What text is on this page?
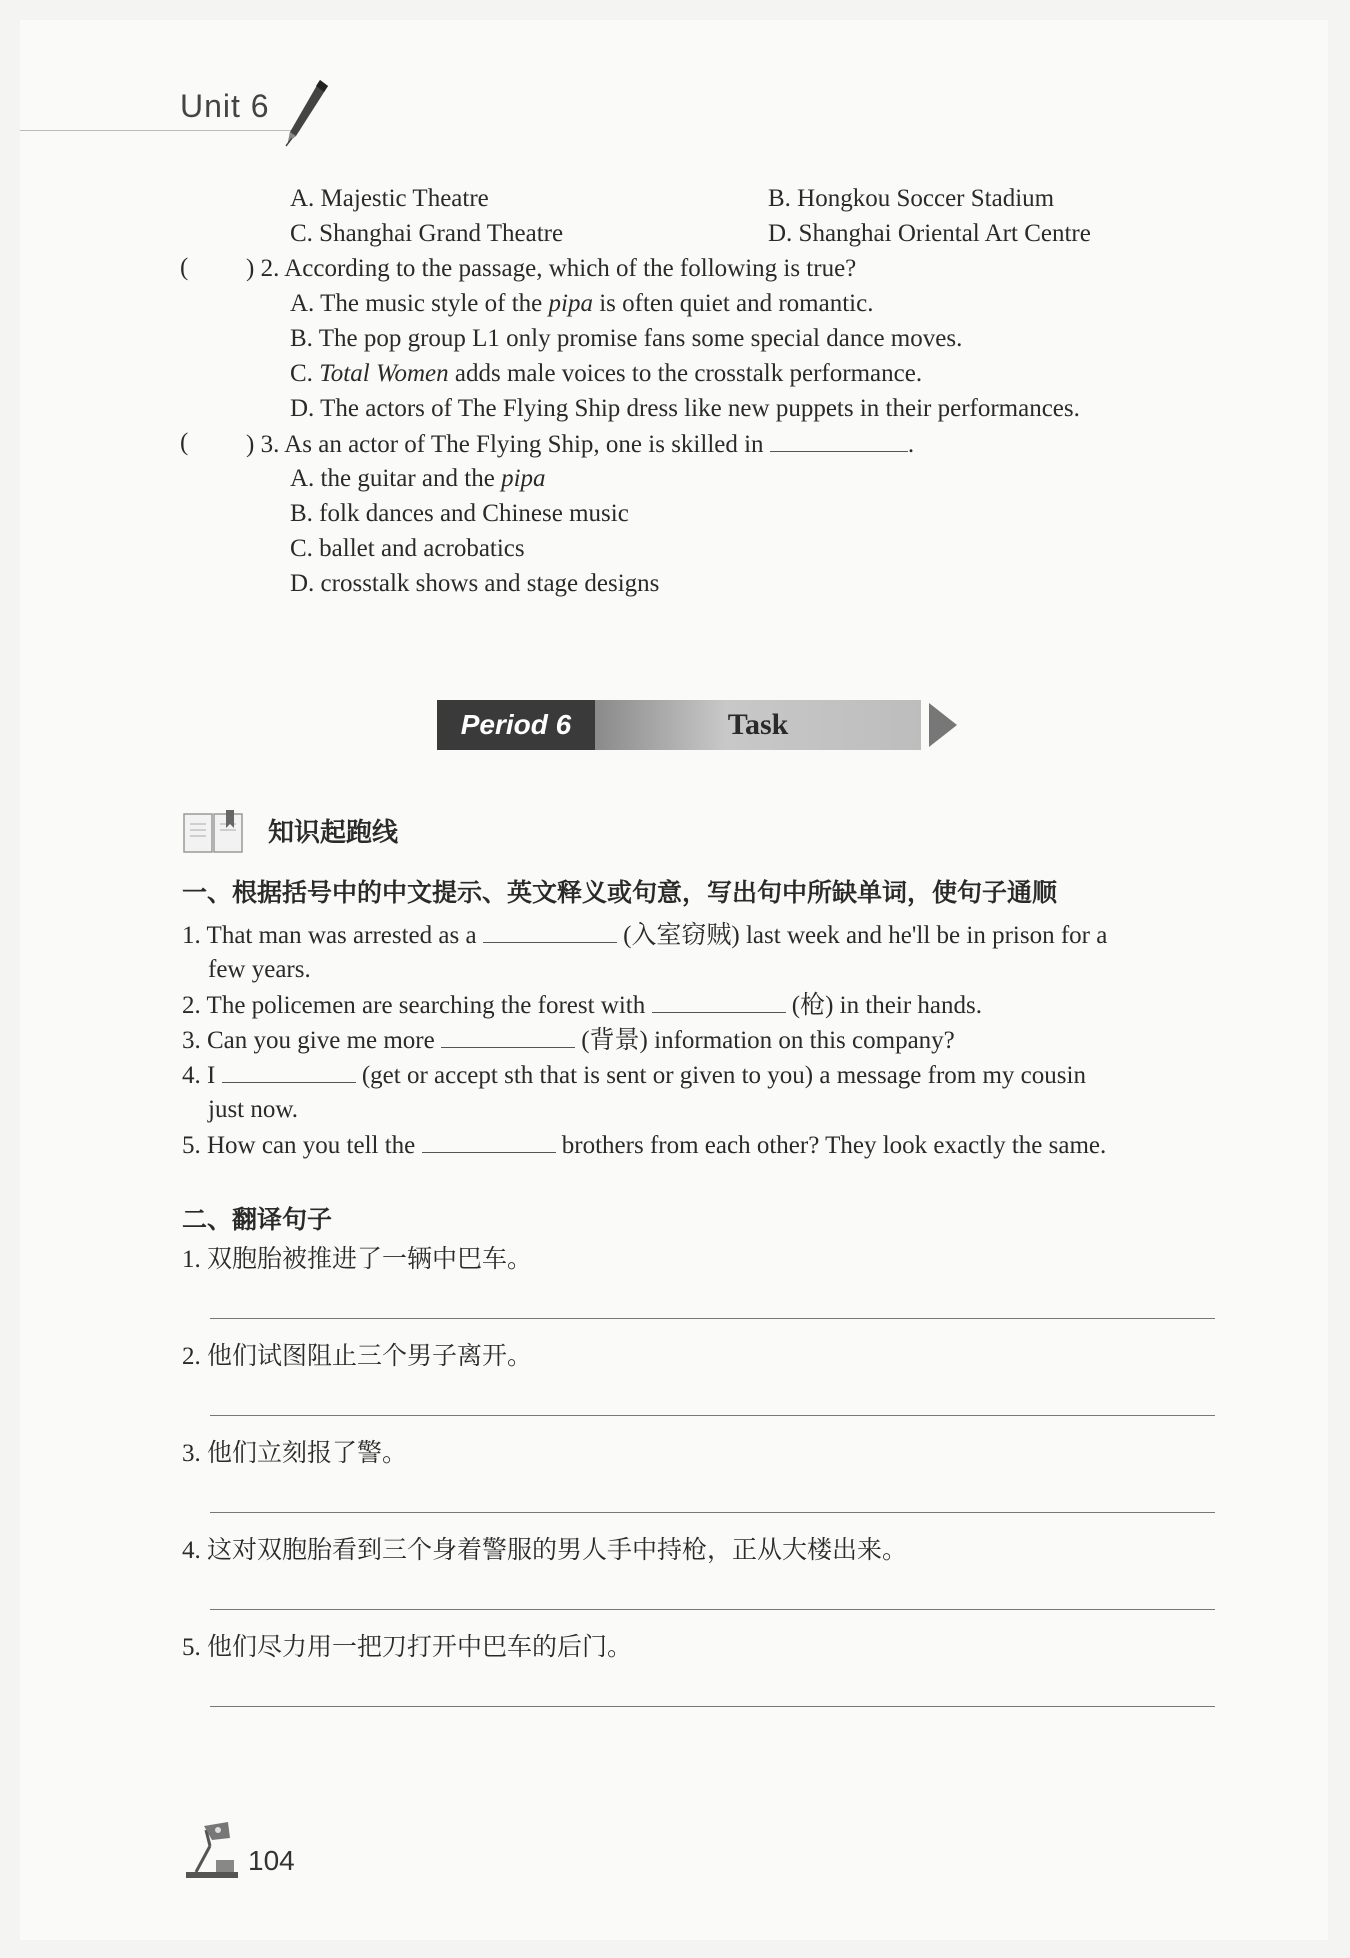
Unit 6
A. Majestic Theatre	B. Hongkou Soccer Stadium
C. Shanghai Grand Theatre	D. Shanghai Oriental Art Centre
( ) 2. According to the passage, which of the following is true?
A. The music style of the pipa is often quiet and romantic.
B. The pop group L1 only promise fans some special dance moves.
C. Total Women adds male voices to the crosstalk performance.
D. The actors of The Flying Ship dress like new puppets in their performances.
( ) 3. As an actor of The Flying Ship, one is skilled in	.
A. the guitar and the pipa
B. folk dances and Chinese music
C. ballet and acrobatics
D. crosstalk shows and stage designs
Period 6	Task
知识起跑线
一、根据括号中的中文提示、英文释义或句意，写出句中所缺单词，使句子通顺
1. That man was arrested as a	(入室窃贼) last week and he'll be in prison for a
few years.
2. The policemen are searching the forest with	(枪) in their hands.
3. Can you give me more	(背景) information on this company?
4. I	(get or accept sth that is sent or given to you) a message from my cousin
just now.
5. How can you tell the	brothers from each other? They look exactly the same.
二、翻译句子
1. 双胞胎被推进了一辆中巴车。
2. 他们试图阻止三个男子离开。
3. 他们立刻报了警。
4. 这对双胞胎看到三个身着警服的男人手中持枪，正从大楼出来。
5. 他们尽力用一把刀打开中巴车的后门。
104
